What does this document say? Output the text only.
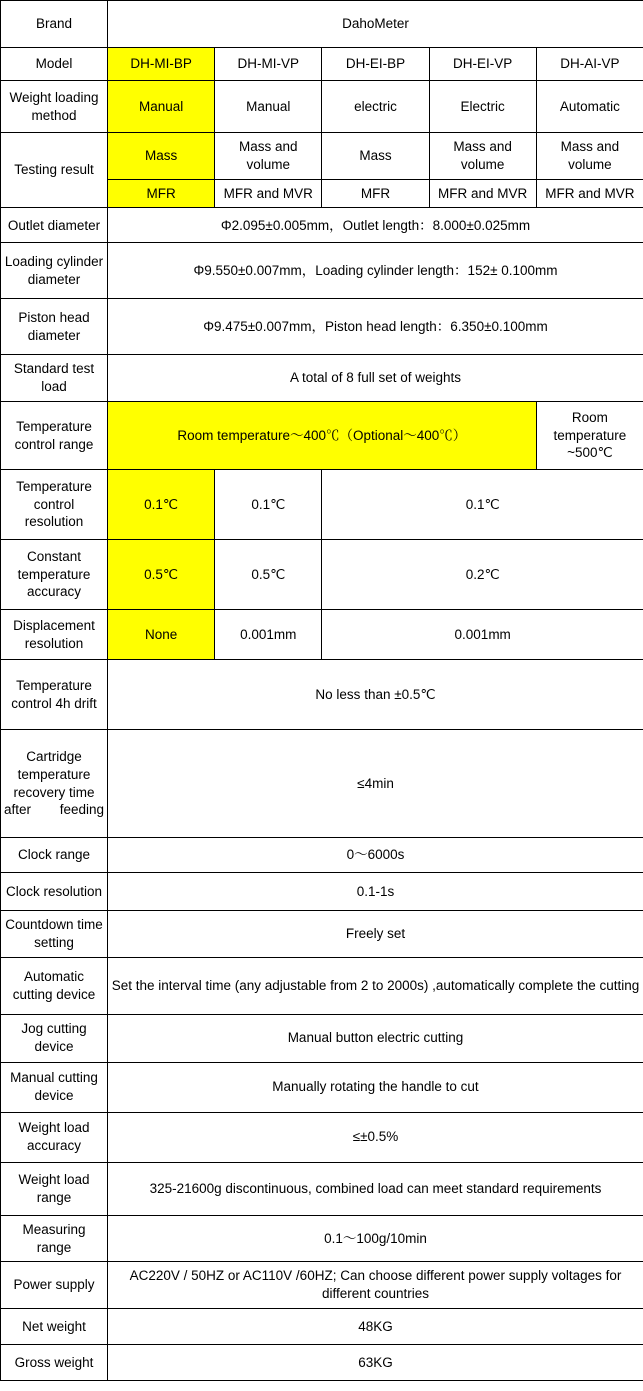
Brand	DahoMeter				
Model	DH-MI-BP	DH-MI-VP	DH-EI-BP	DH-EI-VP	DH-AI-VP
Weight loading method	Manual	Manual	electric	Electric	Automatic
Testing result	Mass	Mass and volume	Mass	Mass and volume	Mass and volume
	MFR	MFR and MVR	MFR	MFR and MVR	MFR and MVR
Outlet diameter	Φ2.095±0.005mm，Outlet length：8.000±0.025mm				
Loading cylinder diameter	Φ9.550±0.007mm，Loading cylinder length：152± 0.100mm				
Piston head diameter	Φ9.475±0.007mm，Piston head length：6.350±0.100mm				
Standard test load	A total of 8 full set of weights				
Temperature control range	Room temperature～400℃（Optional～400℃）				Room temperature ~500℃
Temperature control resolution	0.1℃	0.1℃	0.1℃		
Constant temperature accuracy	0.5℃	0.5℃	0.2℃		
Displacement resolution	None	0.001mm	0.001mm		
Temperature control 4h drift	No less than ±0.5℃				
Cartridge temperature recovery time after feeding	≤4min				
Clock range	0～6000s				
Clock resolution	0.1-1s				
Countdown time setting	Freely set				
Automatic cutting device	Set the interval time (any adjustable from 2 to 2000s) ,automatically complete the cutting				
Jog cutting device	Manual button electric cutting				
Manual cutting device	Manually rotating the handle to cut				
Weight load accuracy	≤±0.5%				
Weight load range	325-21600g discontinuous, combined load can meet standard requirements				
Measuring range	0.1～100g/10min				
Power supply	AC220V / 50HZ or AC110V /60HZ; Can choose different power supply voltages for different countries				
Net weight	48KG				
Gross weight	63KG				
